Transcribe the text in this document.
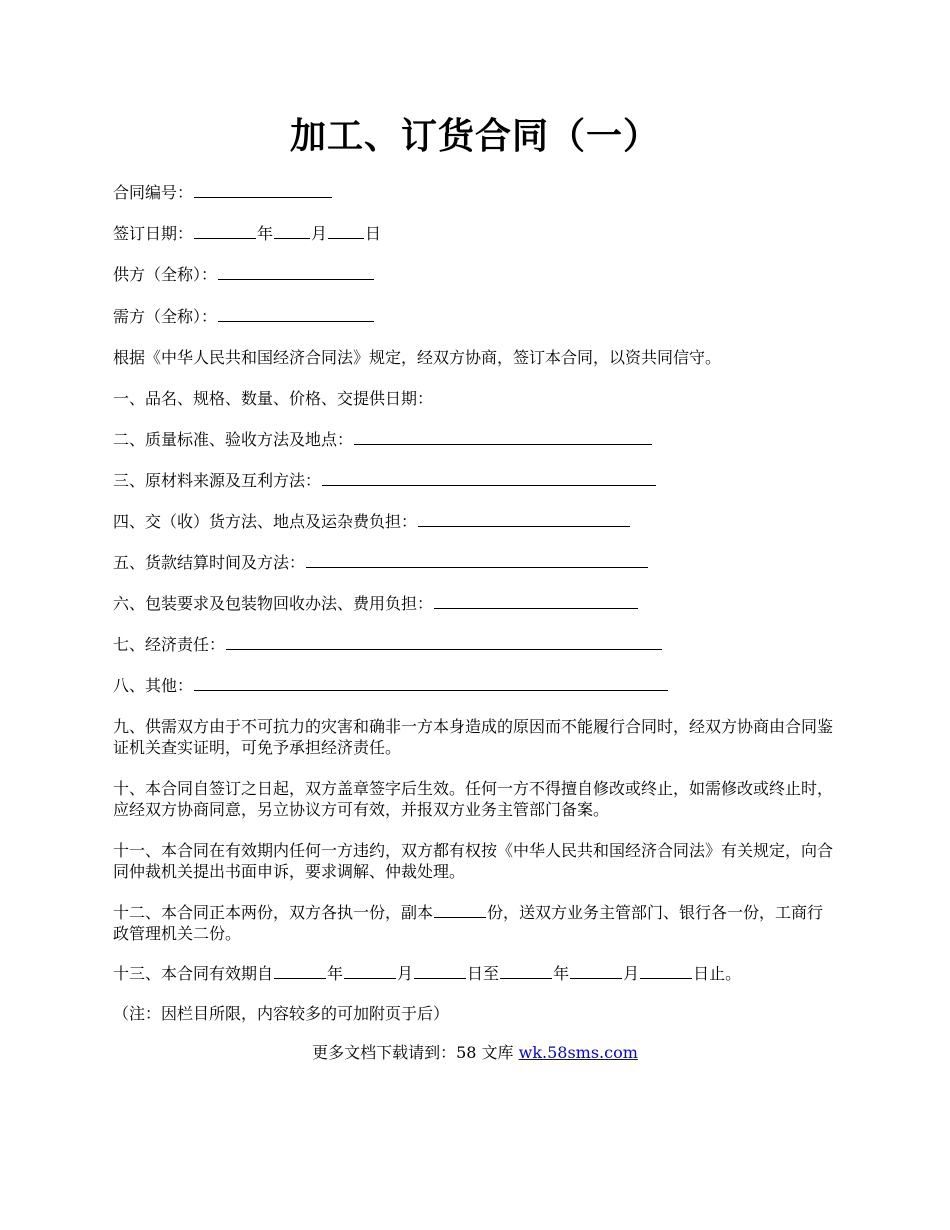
加工、订货合同（一）
合同编号：
签订日期：	年 月 日
供方（全称）：
需方（全称）：
根据《中华人民共和国经济合同法》规定，经双方协商，签订本合同，以资共同信守。
一、品名、规格、数量、价格、交提供日期：
二、质量标准、验收方法及地点：
三、原材料来源及互利方法：
四、交（收）货方法、地点及运杂费负担：
五、货款结算时间及方法：
六、包装要求及包装物回收办法、费用负担：
七、经济责任：
八、其他：
九、供需双方由于不可抗力的灾害和确非一方本身造成的原因而不能履行合同时，经双方协商由合同鉴证机关查实证明，可免予承担经济责任。
十、本合同自签订之日起，双方盖章签字后生效。任何一方不得擅自修改或终止，如需修改或终止时，应经双方协商同意，另立协议方可有效，并报双方业务主管部门备案。
十一、本合同在有效期内任何一方违约，双方都有权按《中华人民共和国经济合同法》有关规定，向合同仲裁机关提出书面申诉，要求调解、仲裁处理。
十二、本合同正本两份，双方各执一份，副本	份，送双方业务主管部门、银行各一份，工商行政管理机关二份。
十三、本合同有效期自	年	月	日至	年	月	日止。
（注：因栏目所限，内容较多的可加附页于后）
更多文档下载请到：58 文库 wk.58sms.com
